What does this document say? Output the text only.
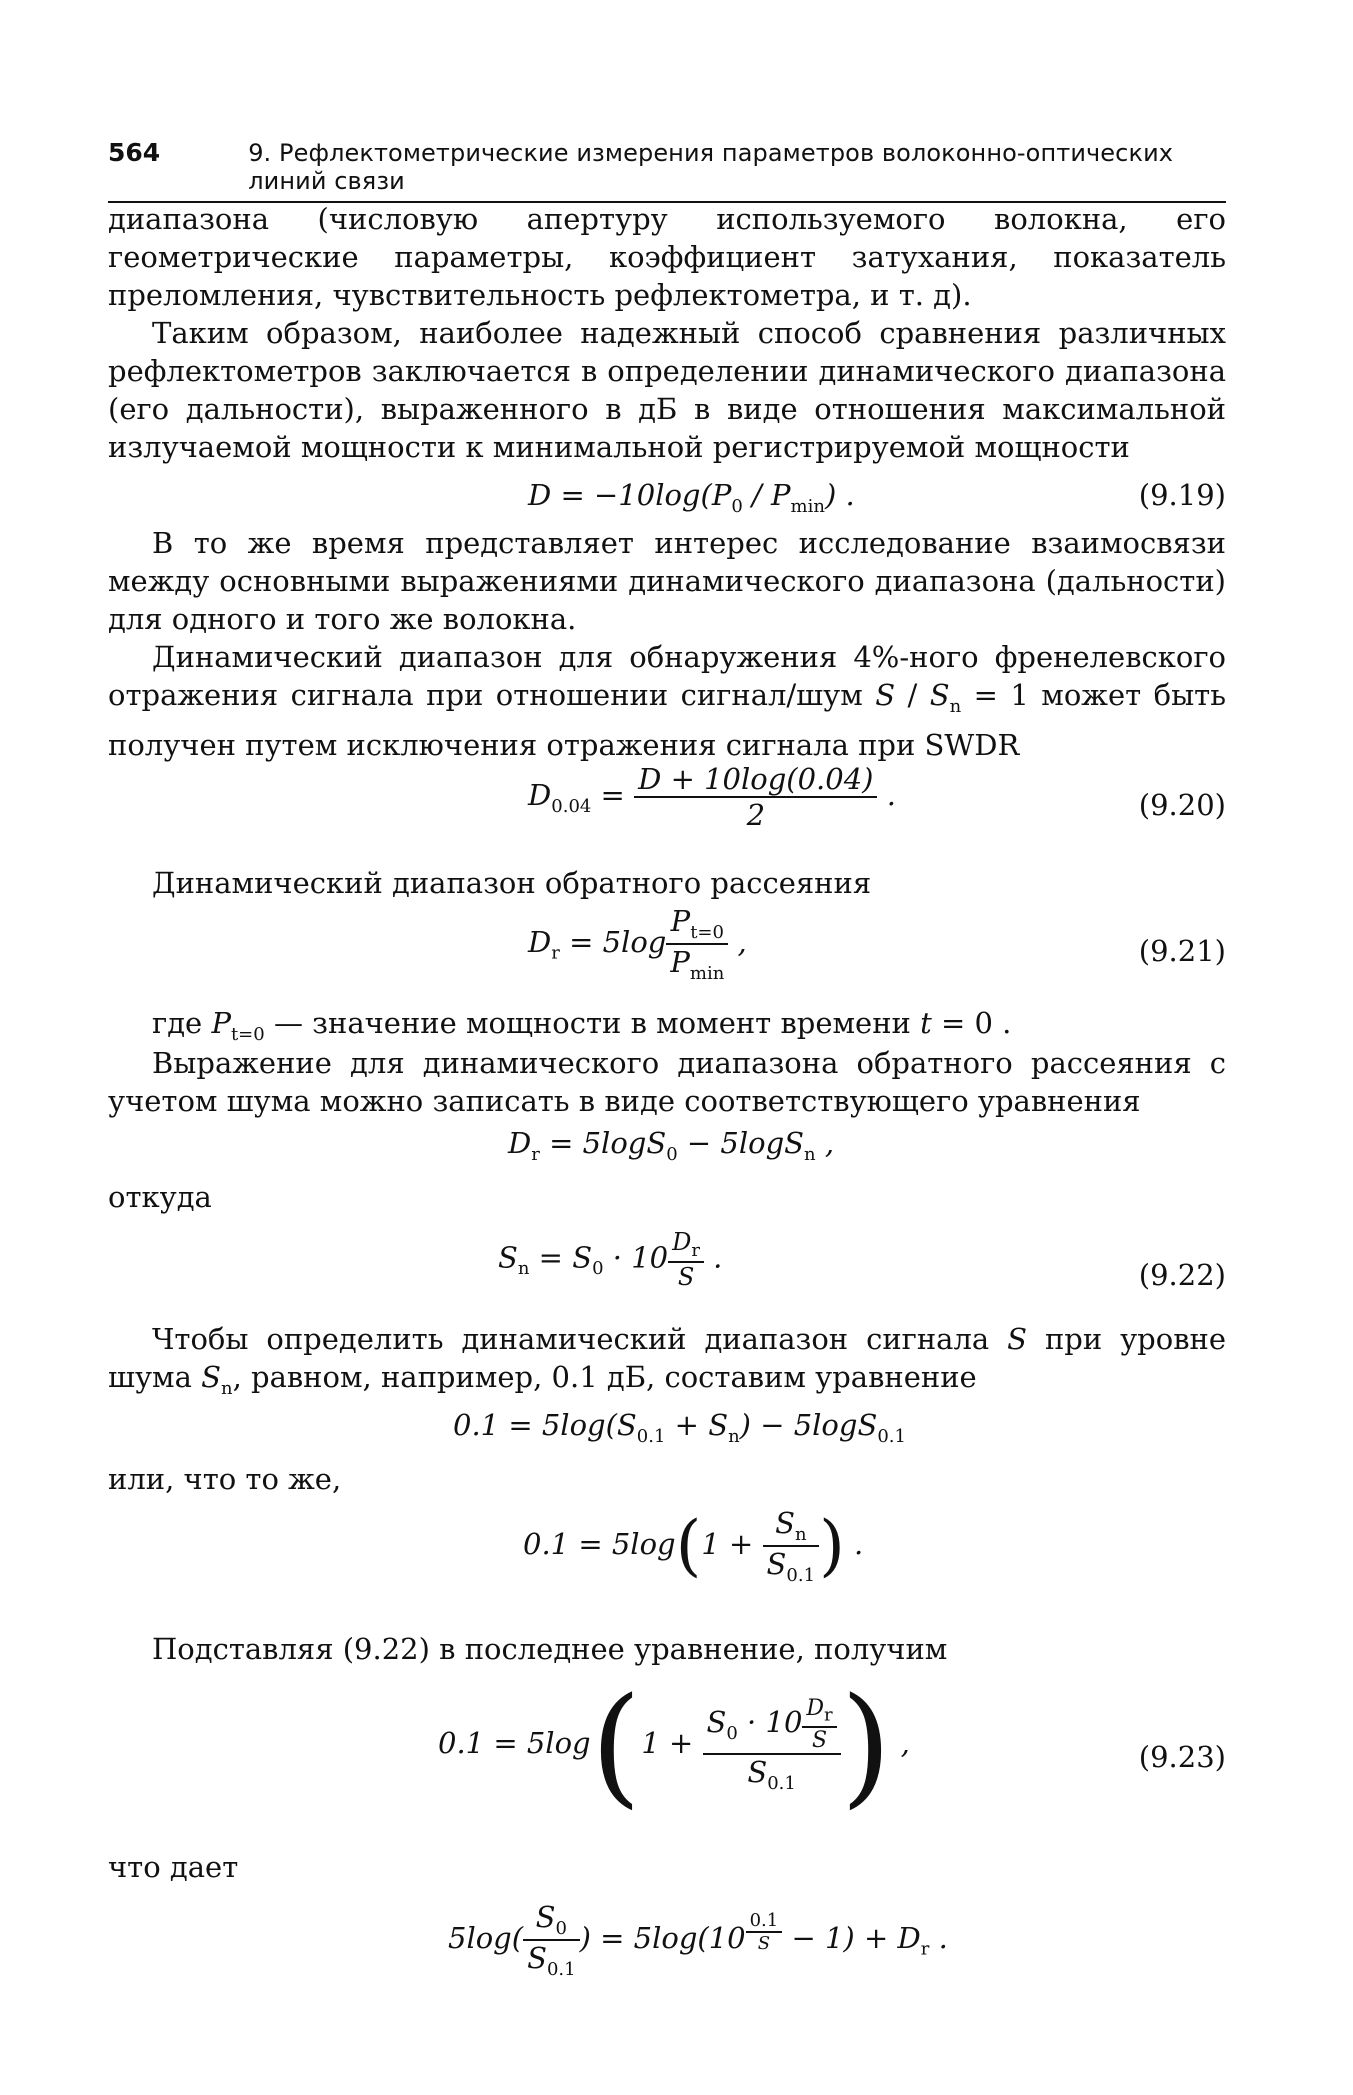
564	9. Рефлектометрические измерения параметров волоконно-оптических линий связи
диапазона (числовую апертуру используемого волокна, его геометрические параметры, коэффициент затухания, показатель преломления, чувствительность рефлектометра, и т. д).
Таким образом, наиболее надежный способ сравнения различных рефлектометров заключается в определении динамического диапазона (его дальности), выраженного в дБ в виде отношения максимальной излучаемой мощности к минимальной регистрируемой мощности
$D = -10\log(P_0 / P_{min})$ .	(9.19)
В то же время представляет интерес исследование взаимосвязи между основными выражениями динамического диапазона (дальности) для одного и того же волокна.
Динамический диапазон для обнаружения 4%-ного френелевского отражения сигнала при отношении сигнал/шум $S / S_n = 1$ может быть получен путем исключения отражения сигнала при SWDR
$D_{0.04} = \frac{D + 10\log(0.04)}{2}$ .	(9.20)
Динамический диапазон обратного рассеяния
$D_r = 5\log \frac{P_{t=0}}{P_{min}}$ ,	(9.21)
где $P_{t=0}$ — значение мощности в момент времени t = 0 .
Выражение для динамического диапазона обратного рассеяния с учетом шума можно записать в виде соответствующего уравнения
$D_r = 5\log S_0 - 5\log S_n$ ,
откуда
$S_n = S_0 \cdot 10 \frac{D_r}{S}$ .
(9.22)
Чтобы определить динамический диапазон сигнала S при уровне шума $S_n$, равном, например, 0.1 дБ, составим уравнение
$0.1 = 5\log(S_{0.1} + S_n) - 5\log S_{0.1}$
или, что то же,
$0.1 = 5\log(1 + \frac{S_n}{S_{0.1}}$ ) .
Подставляя (9.22) в последнее уравнение, получим
$0.1 = 5\log(1 + \frac{S_0 \cdot 10 \frac{D_r}{S}}{S_{0.1}}$ ) ,	(9.23)
что дает
$5\log( \frac{S_0}{S_{0.1}}$ ) = 5log(10 $^{\frac{0.1}{S}} - 1) + D_r$ .
